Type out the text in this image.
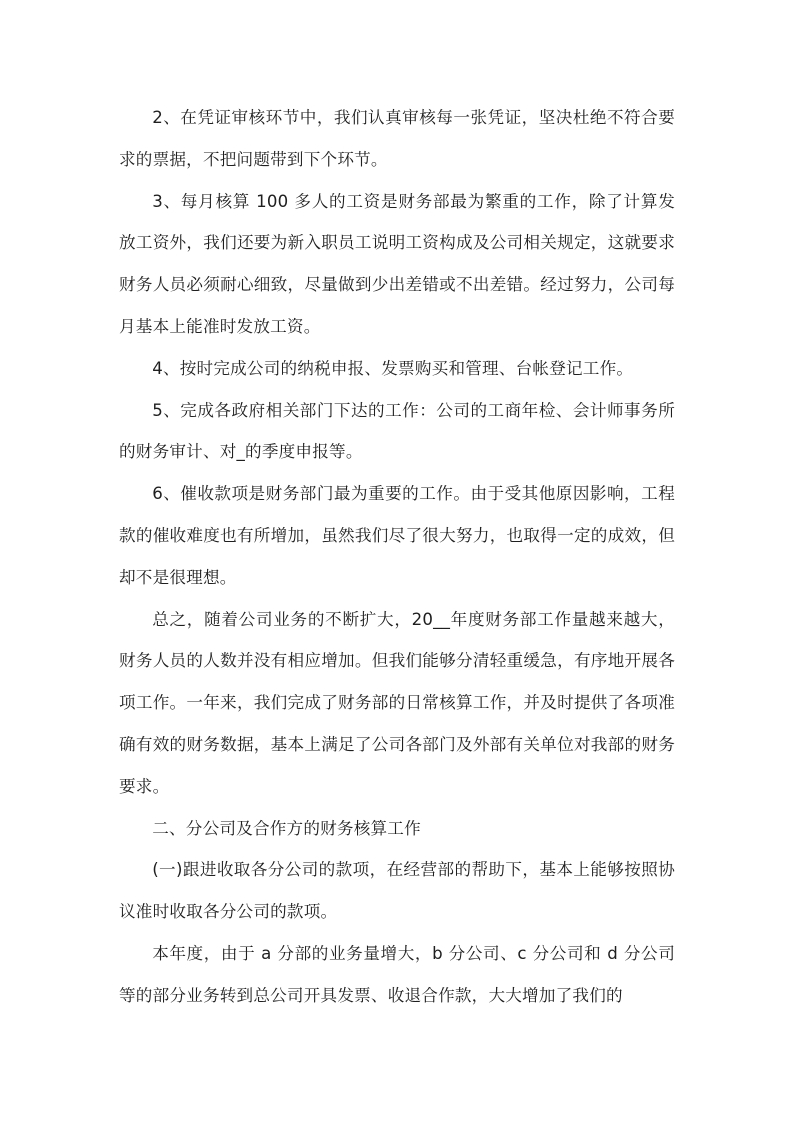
2、在凭证审核环节中，我们认真审核每一张凭证，坚决杜绝不符合要求的票据，不把问题带到下个环节。

3、每月核算 100 多人的工资是财务部最为繁重的工作，除了计算发放工资外，我们还要为新入职员工说明工资构成及公司相关规定，这就要求财务人员必须耐心细致，尽量做到少出差错或不出差错。经过努力，公司每月基本上能准时发放工资。

4、按时完成公司的纳税申报、发票购买和管理、台帐登记工作。

5、完成各政府相关部门下达的工作：公司的工商年检、会计师事务所的财务审计、对_的季度申报等。

6、催收款项是财务部门最为重要的工作。由于受其他原因影响，工程款的催收难度也有所增加，虽然我们尽了很大努力，也取得一定的成效，但却不是很理想。

总之，随着公司业务的不断扩大，20__年度财务部工作量越来越大，财务人员的人数并没有相应增加。但我们能够分清轻重缓急，有序地开展各项工作。一年来，我们完成了财务部的日常核算工作，并及时提供了各项准确有效的财务数据，基本上满足了公司各部门及外部有关单位对我部的财务要求。

二、分公司及合作方的财务核算工作

(一)跟进收取各分公司的款项，在经营部的帮助下，基本上能够按照协议准时收取各分公司的款项。

本年度，由于 a 分部的业务量增大，b 分公司、c 分公司和 d 分公司等的部分业务转到总公司开具发票、收退合作款，大大增加了我们的
